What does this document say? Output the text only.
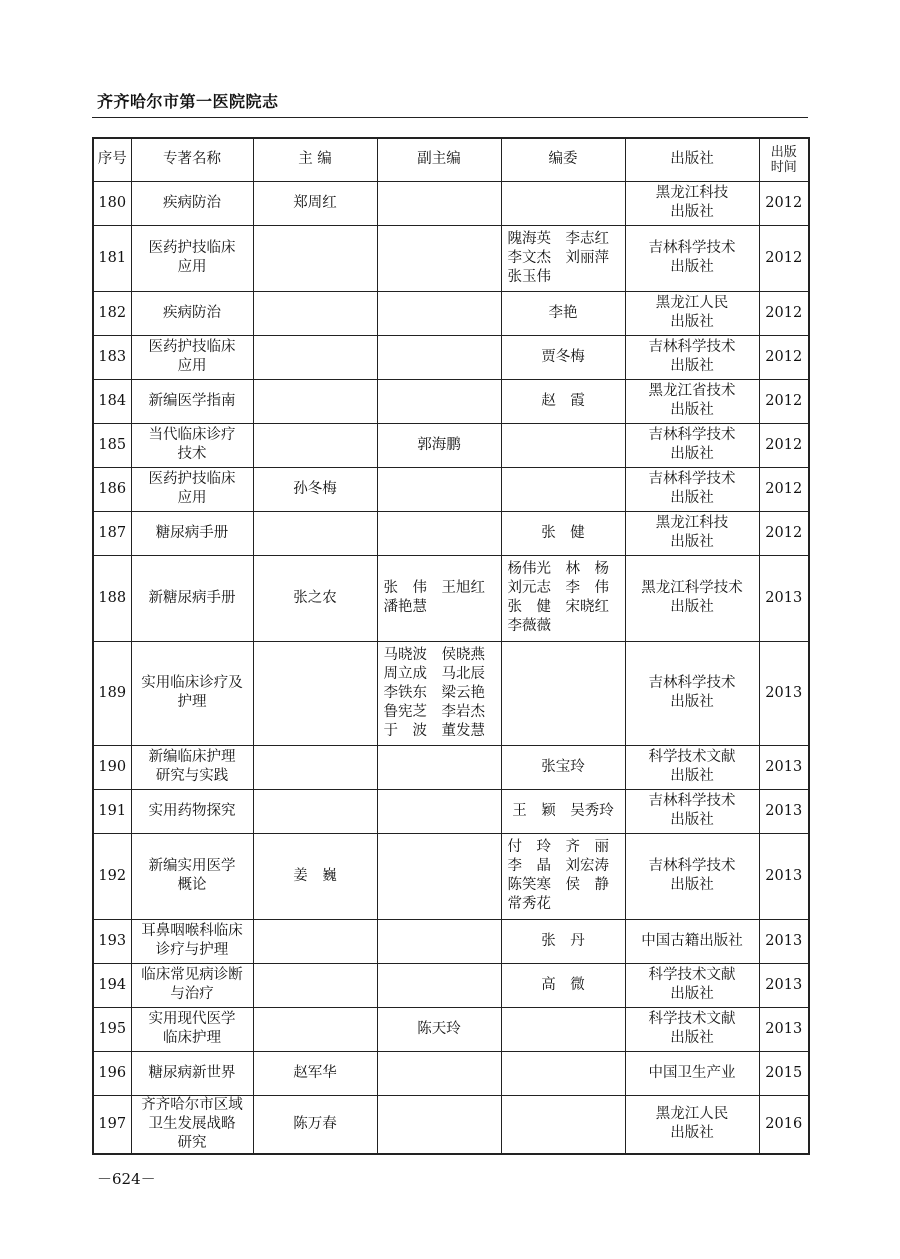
齐齐哈尔市第一医院院志
序号	专著名称	主 编	副主编	编委	出版社	出版
时间
180	疾病防治	郑周红			黑龙江科技
出版社	2012
181	医药护技临床
应用			隗海英　李志红
李文杰　刘丽萍
张玉伟	吉林科学技术
出版社	2012
182	疾病防治			李艳	黑龙江人民
出版社	2012
183	医药护技临床
应用			贾冬梅	吉林科学技术
出版社	2012
184	新编医学指南			赵　霞	黑龙江省技术
出版社	2012
185	当代临床诊疗
技术		郭海鹏		吉林科学技术
出版社	2012
186	医药护技临床
应用	孙冬梅			吉林科学技术
出版社	2012
187	糖尿病手册			张　健	黑龙江科技
出版社	2012
188	新糖尿病手册	张之农	张　伟　王旭红
潘艳慧	杨伟光　林　杨
刘元志　李　伟
张　健　宋晓红
李薇薇	黑龙江科学技术
出版社	2013
189	实用临床诊疗及
护理		马晓波　侯晓燕
周立成　马北辰
李铁东　梁云艳
鲁宪芝　李岩杰
于　波　董发慧		吉林科学技术
出版社	2013
190	新编临床护理
研究与实践			张宝玲	科学技术文献
出版社	2013
191	实用药物探究			王　颖　吴秀玲	吉林科学技术
出版社	2013
192	新编实用医学
概论	姜　巍		付　玲　齐　丽
李　晶　刘宏涛
陈笑寒　侯　静
常秀花	吉林科学技术
出版社	2013
193	耳鼻咽喉科临床
诊疗与护理			张　丹	中国古籍出版社	2013
194	临床常见病诊断
与治疗			高　微	科学技术文献
出版社	2013
195	实用现代医学
临床护理		陈天玲		科学技术文献
出版社	2013
196	糖尿病新世界	赵军华			中国卫生产业	2015
197	齐齐哈尔市区域
卫生发展战略
研究	陈万春			黑龙江人民
出版社	2016
－624－
